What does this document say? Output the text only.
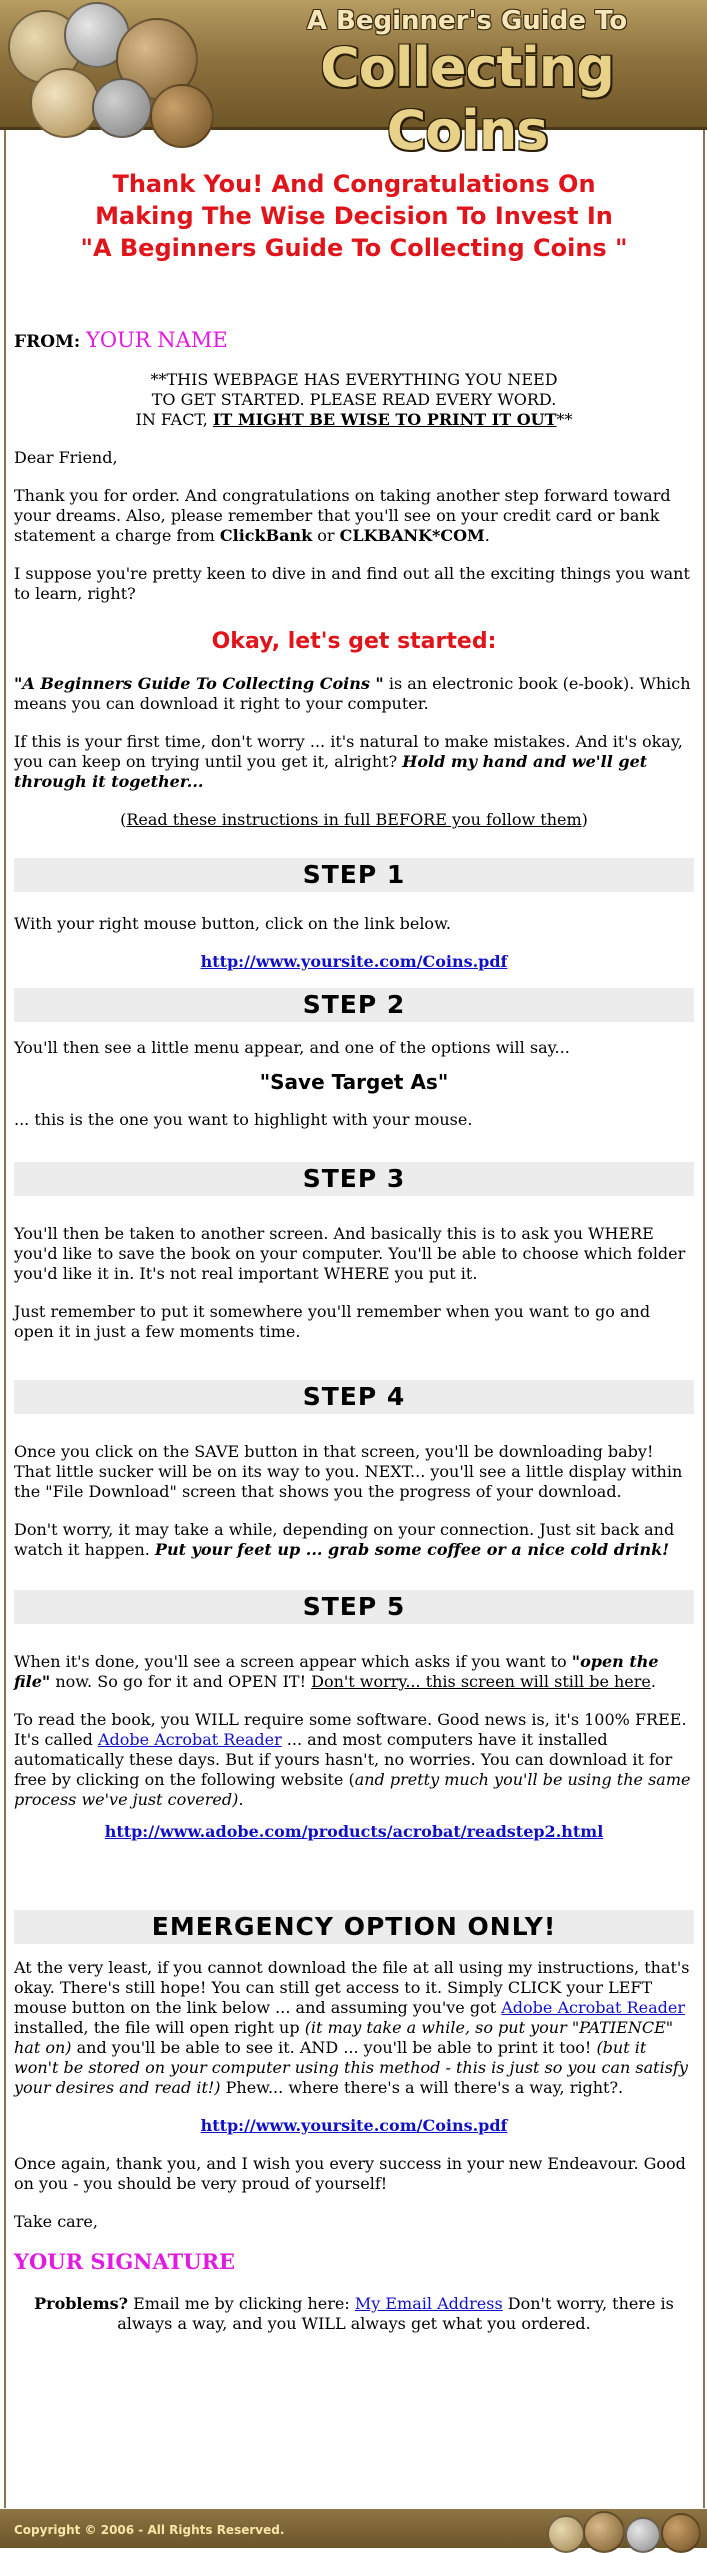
A Beginner's Guide To
Collecting Coins
Thank You! And Congratulations On
Making The Wise Decision To Invest In
"A Beginners Guide To Collecting Coins "

FROM: YOUR NAME

**THIS WEBPAGE HAS EVERYTHING YOU NEED
TO GET STARTED. PLEASE READ EVERY WORD.
IN FACT, IT MIGHT BE WISE TO PRINT IT OUT**

Dear Friend,

Thank you for order. And congratulations on taking another step forward toward your dreams. Also, please remember that you'll see on your credit card or bank statement a charge from ClickBank or CLKBANK*COM.

I suppose you're pretty keen to dive in and find out all the exciting things you want to learn, right?

Okay, let's get started:

"A Beginners Guide To Collecting Coins " is an electronic book (e-book). Which means you can download it right to your computer.

If this is your first time, don't worry ... it's natural to make mistakes. And it's okay, you can keep on trying until you get it, alright? Hold my hand and we'll get through it together...

(Read these instructions in full BEFORE you follow them)

STEP 1

With your right mouse button, click on the link below.

http://www.yoursite.com/Coins.pdf

STEP 2

You'll then see a little menu appear, and one of the options will say...

"Save Target As"

... this is the one you want to highlight with your mouse.

STEP 3

You'll then be taken to another screen. And basically this is to ask you WHERE you'd like to save the book on your computer. You'll be able to choose which folder you'd like it in. It's not real important WHERE you put it.

Just remember to put it somewhere you'll remember when you want to go and open it in just a few moments time.

STEP 4

Once you click on the SAVE button in that screen, you'll be downloading baby! That little sucker will be on its way to you. NEXT... you'll see a little display within the "File Download" screen that shows you the progress of your download.

Don't worry, it may take a while, depending on your connection. Just sit back and watch it happen. Put your feet up ... grab some coffee or a nice cold drink!

STEP 5

When it's done, you'll see a screen appear which asks if you want to "open the file" now. So go for it and OPEN IT! Don't worry... this screen will still be here.

To read the book, you WILL require some software. Good news is, it's 100% FREE. It's called Adobe Acrobat Reader ... and most computers have it installed automatically these days. But if yours hasn't, no worries. You can download it for free by clicking on the following website (and pretty much you'll be using the same process we've just covered).

http://www.adobe.com/products/acrobat/readstep2.html

EMERGENCY OPTION ONLY!

At the very least, if you cannot download the file at all using my instructions, that's okay. There's still hope! You can still get access to it. Simply CLICK your LEFT mouse button on the link below ... and assuming you've got Adobe Acrobat Reader installed, the file will open right up (it may take a while, so put your "PATIENCE" hat on) and you'll be able to see it. AND ... you'll be able to print it too! (but it won't be stored on your computer using this method - this is just so you can satisfy your desires and read it!) Phew... where there's a will there's a way, right?.

http://www.yoursite.com/Coins.pdf

Once again, thank you, and I wish you every success in your new Endeavour. Good on you - you should be very proud of yourself!

Take care,

YOUR SIGNATURE

Problems? Email me by clicking here: My Email Address Don't worry, there is always a way, and you WILL always get what you ordered.

Copyright © 2006 - All Rights Reserved.
